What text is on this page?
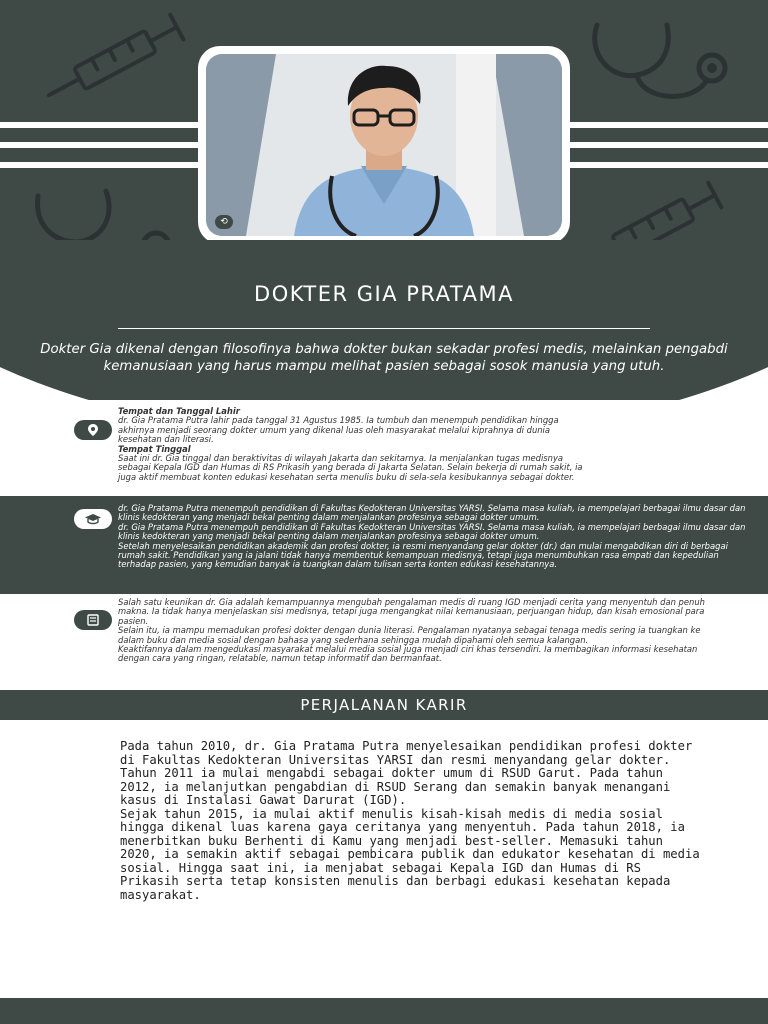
⟲
DOKTER GIA PRATAMA
Dokter Gia dikenal dengan filosofinya bahwa dokter bukan sekadar profesi medis, melainkan pengabdi kemanusiaan yang harus mampu melihat pasien sebagai sosok manusia yang utuh.

Tempat dan Tanggal Lahir

dr. Gia Pratama Putra lahir pada tanggal 31 Agustus 1985. Ia tumbuh dan menempuh pendidikan hingga akhirnya menjadi seorang dokter umum yang dikenal luas oleh masyarakat melalui kiprahnya di dunia kesehatan dan literasi.

Tempat Tinggal

Saat ini dr. Gia tinggal dan beraktivitas di wilayah Jakarta dan sekitarnya. Ia menjalankan tugas medisnya sebagai Kepala IGD dan Humas di RS Prikasih yang berada di Jakarta Selatan. Selain bekerja di rumah sakit, ia juga aktif membuat konten edukasi kesehatan serta menulis buku di sela-sela kesibukannya sebagai dokter.

dr. Gia Pratama Putra menempuh pendidikan di Fakultas Kedokteran Universitas YARSI. Selama masa kuliah, ia mempelajari berbagai ilmu dasar dan klinis kedokteran yang menjadi bekal penting dalam menjalankan profesinya sebagai dokter umum.

dr. Gia Pratama Putra menempuh pendidikan di Fakultas Kedokteran Universitas YARSI. Selama masa kuliah, ia mempelajari berbagai ilmu dasar dan klinis kedokteran yang menjadi bekal penting dalam menjalankan profesinya sebagai dokter umum.

Setelah menyelesaikan pendidikan akademik dan profesi dokter, ia resmi menyandang gelar dokter (dr.) dan mulai mengabdikan diri di berbagai rumah sakit. Pendidikan yang ia jalani tidak hanya membentuk kemampuan medisnya, tetapi juga menumbuhkan rasa empati dan kepedulian terhadap pasien, yang kemudian banyak ia tuangkan dalam tulisan serta konten edukasi kesehatannya.

Salah satu keunikan dr. Gia adalah kemampuannya mengubah pengalaman medis di ruang IGD menjadi cerita yang menyentuh dan penuh makna. Ia tidak hanya menjelaskan sisi medisnya, tetapi juga mengangkat nilai kemanusiaan, perjuangan hidup, dan kisah emosional para pasien.

Selain itu, ia mampu memadukan profesi dokter dengan dunia literasi. Pengalaman nyatanya sebagai tenaga medis sering ia tuangkan ke dalam buku dan media sosial dengan bahasa yang sederhana sehingga mudah dipahami oleh semua kalangan.

Keaktifannya dalam mengedukasi masyarakat melalui media sosial juga menjadi ciri khas tersendiri. Ia membagikan informasi kesehatan dengan cara yang ringan, relatable, namun tetap informatif dan bermanfaat.

PERJALANAN KARIR

Pada tahun 2010, dr. Gia Pratama Putra menyelesaikan pendidikan profesi dokter di Fakultas Kedokteran Universitas YARSI dan resmi menyandang gelar dokter. Tahun 2011 ia mulai mengabdi sebagai dokter umum di RSUD Garut. Pada tahun 2012, ia melanjutkan pengabdian di RSUD Serang dan semakin banyak menangani kasus di Instalasi Gawat Darurat (IGD).

Sejak tahun 2015, ia mulai aktif menulis kisah-kisah medis di media sosial hingga dikenal luas karena gaya ceritanya yang menyentuh. Pada tahun 2018, ia menerbitkan buku Berhenti di Kamu yang menjadi best-seller. Memasuki tahun 2020, ia semakin aktif sebagai pembicara publik dan edukator kesehatan di media sosial. Hingga saat ini, ia menjabat sebagai Kepala IGD dan Humas di RS Prikasih serta tetap konsisten menulis dan berbagi edukasi kesehatan kepada masyarakat.
